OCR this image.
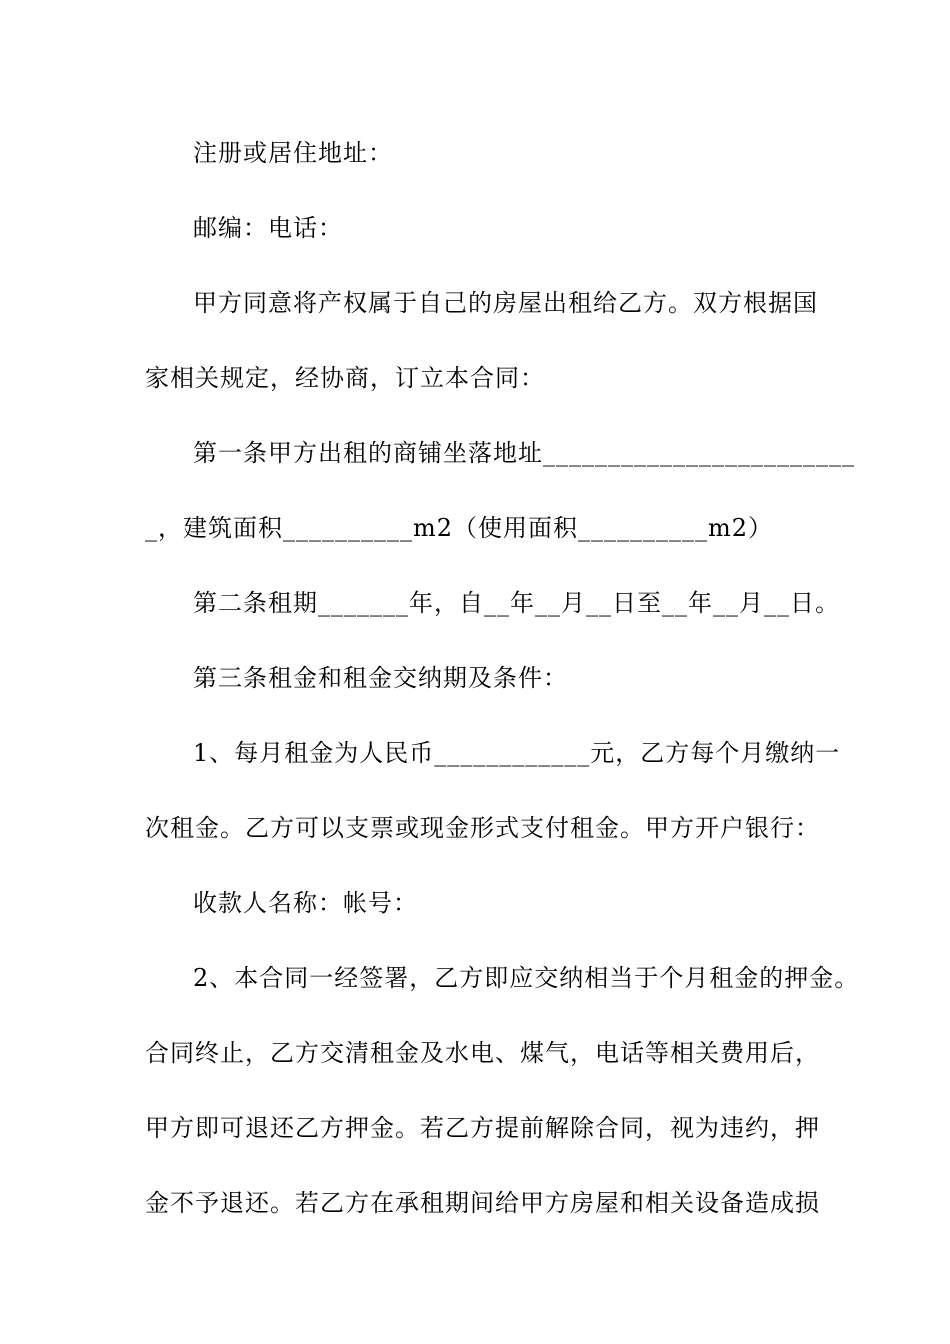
注册或居住地址：
邮编：电话：
甲方同意将产权属于自己的房屋出租给乙方。双方根据国
家相关规定，经协商，订立本合同：
第一条甲方出租的商铺坐落地址________________________
_，建筑面积__________m2（使用面积__________m2）
第二条租期_______年，自__年__月__日至__年__月__日。
第三条租金和租金交纳期及条件：
1、每月租金为人民币____________元，乙方每个月缴纳一
次租金。乙方可以支票或现金形式支付租金。甲方开户银行：
收款人名称：帐号：
2、本合同一经签署，乙方即应交纳相当于个月租金的押金。
合同终止，乙方交清租金及水电、煤气，电话等相关费用后，
甲方即可退还乙方押金。若乙方提前解除合同，视为违约，押
金不予退还。若乙方在承租期间给甲方房屋和相关设备造成损
